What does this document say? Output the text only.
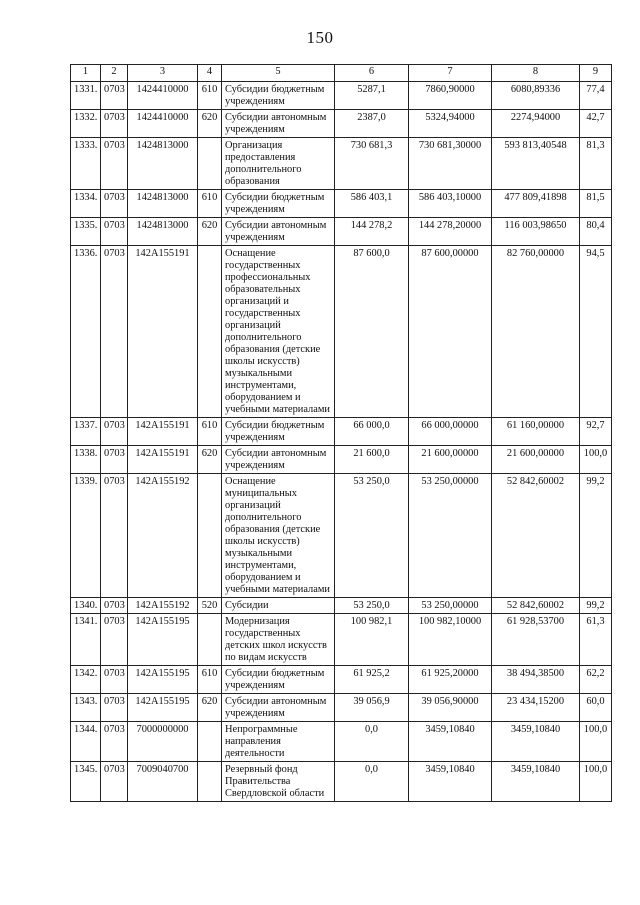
150
1	2	3	4	5	6	7	8	9

1331.	0703	1424410000	610	Субсидии бюджетным учреждениям	5287,1	7860,90000	6080,89336	77,4

1332.	0703	1424410000	620	Субсидии автономным учреждениям	2387,0	5324,94000	2274,94000	42,7

1333.	0703	1424813000		Организация предоставления дополнительного образования	730 681,3	730 681,30000	593 813,40548	81,3

1334.	0703	1424813000	610	Субсидии бюджетным учреждениям	586 403,1	586 403,10000	477 809,41898	81,5

1335.	0703	1424813000	620	Субсидии автономным учреждениям	144 278,2	144 278,20000	116 003,98650	80,4

1336.	0703	142A155191		Оснащение государственных профессиональных образовательных организаций и государственных организаций дополнительного образования (детские школы искусств) музыкальными инструментами, оборудованием и учебными материалами	87 600,0	87 600,00000	82 760,00000	94,5

1337.	0703	142A155191	610	Субсидии бюджетным учреждениям	66 000,0	66 000,00000	61 160,00000	92,7

1338.	0703	142A155191	620	Субсидии автономным учреждениям	21 600,0	21 600,00000	21 600,00000	100,0

1339.	0703	142A155192		Оснащение муниципальных организаций дополнительного образования (детские школы искусств) музыкальными инструментами, оборудованием и учебными материалами	53 250,0	53 250,00000	52 842,60002	99,2

1340.	0703	142A155192	520	Субсидии	53 250,0	53 250,00000	52 842,60002	99,2

1341.	0703	142A155195		Модернизация государственных детских школ искусств по видам искусств	100 982,1	100 982,10000	61 928,53700	61,3

1342.	0703	142A155195	610	Субсидии бюджетным учреждениям	61 925,2	61 925,20000	38 494,38500	62,2

1343.	0703	142A155195	620	Субсидии автономным учреждениям	39 056,9	39 056,90000	23 434,15200	60,0

1344.	0703	7000000000		Непрограммные направления деятельности	0,0	3459,10840	3459,10840	100,0

1345.	0703	7009040700		Резервный фонд Правительства Свердловской области	0,0	3459,10840	3459,10840	100,0
